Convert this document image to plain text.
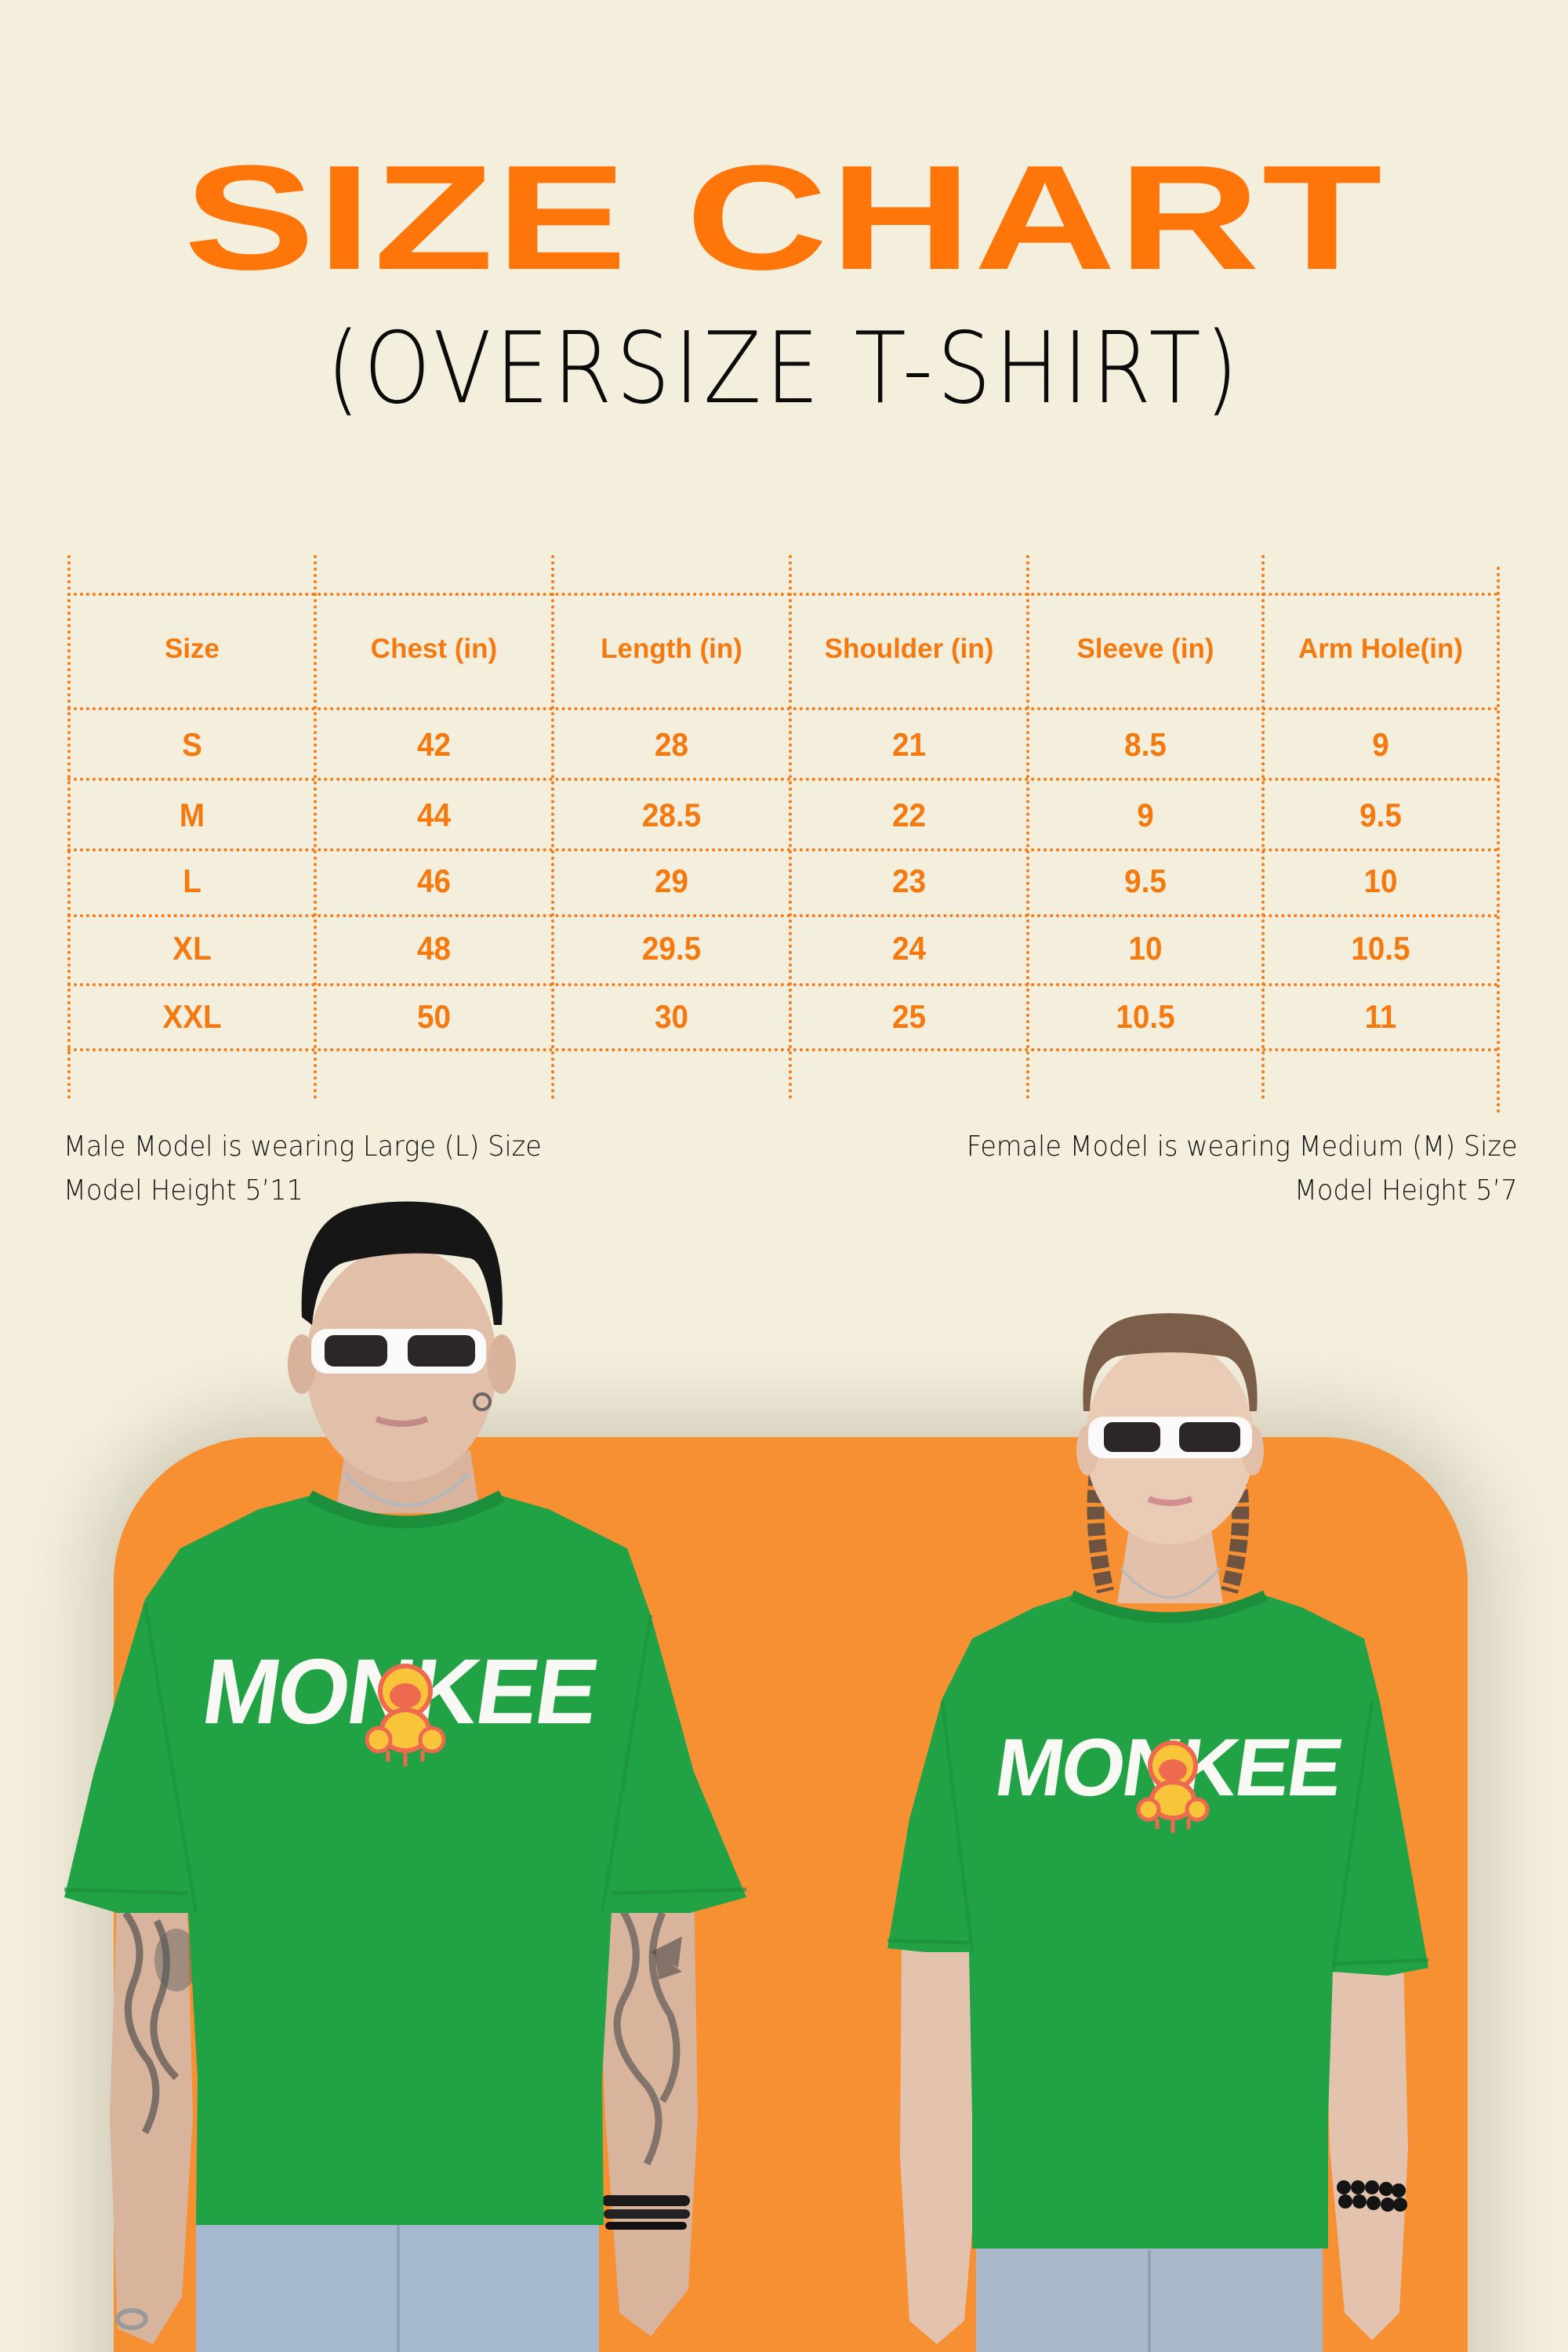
SIZE CHART
(OVERSIZE T-SHIRT)
Size	Chest (in)	Length (in)	Shoulder (in)	Sleeve (in)	Arm Hole(in)
S	42	28	21	8.5	9
M	44	28.5	22	9	9.5
L	46	29	23	9.5	10
XL	48	29.5	24	10	10.5
XXL	50	30	25	10.5	11
Male Model is wearing Large (L) Size
Model Height 5’11
Female Model is wearing Medium (M) Size
Model Height 5’7
